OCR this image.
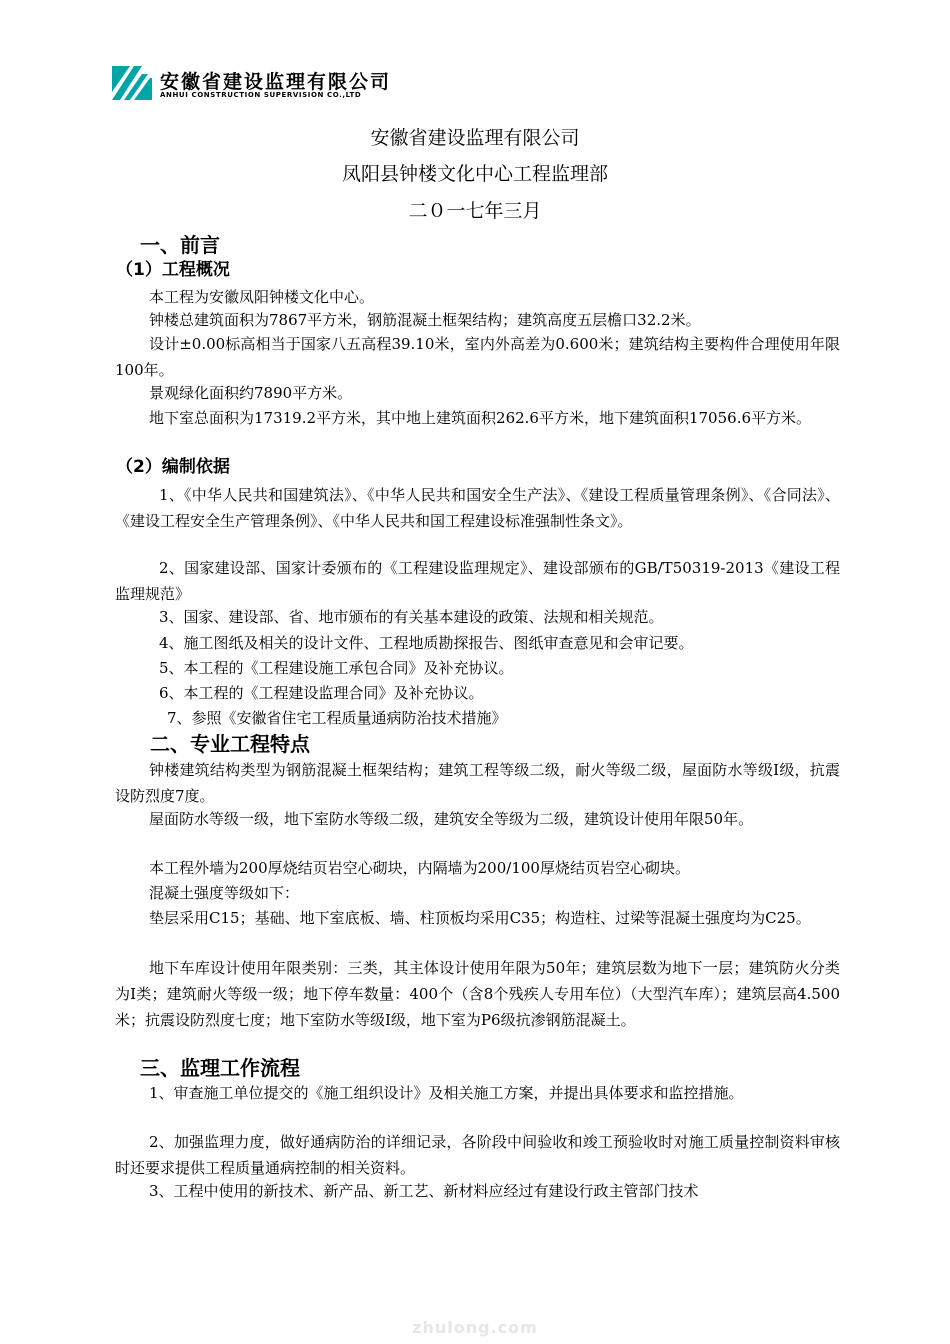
安徽省建设监理有限公司
ANHUI CONSTRUCTION SUPERVISION CO.,LTD
安徽省建设监理有限公司
凤阳县钟楼文化中心工程监理部
二０一七年三月
一、前言
（1）工程概况
本工程为安徽凤阳钟楼文化中心。
钟楼总建筑面积为7867平方米，钢筋混凝土框架结构；建筑高度五层檐口32.2米。
设计±0.00标高相当于国家八五高程39.10米，室内外高差为0.600米；建筑结构主要构件合理使用年限100年。
景观绿化面积约7890平方米。
地下室总面积为17319.2平方米，其中地上建筑面积262.6平方米，地下建筑面积17056.6平方米。
（2）编制依据
1、《中华人民共和国建筑法》、《中华人民共和国安全生产法》、《建设工程质量管理条例》、《合同法》、《建设工程安全生产管理条例》、《中华人民共和国工程建设标准强制性条文》。
2、国家建设部、国家计委颁布的《工程建设监理规定》、建设部颁布的GB/T50319-2013《建设工程监理规范》
3、国家、建设部、省、地市颁布的有关基本建设的政策、法规和相关规范。
4、施工图纸及相关的设计文件、工程地质勘探报告、图纸审查意见和会审记要。
5、本工程的《工程建设施工承包合同》及补充协议。
6、本工程的《工程建设监理合同》及补充协议。
7、参照《安徽省住宅工程质量通病防治技术措施》
二、专业工程特点
钟楼建筑结构类型为钢筋混凝土框架结构；建筑工程等级二级，耐火等级二级，屋面防水等级Ⅰ级，抗震设防烈度7度。
屋面防水等级一级，地下室防水等级二级，建筑安全等级为二级，建筑设计使用年限50年。
本工程外墙为200厚烧结页岩空心砌块，内隔墙为200/100厚烧结页岩空心砌块。
混凝土强度等级如下：
垫层采用C15；基础、地下室底板、墙、柱顶板均采用C35；构造柱、过梁等混凝土强度均为C25。
地下车库设计使用年限类别：三类，其主体设计使用年限为50年；建筑层数为地下一层；建筑防火分类为Ⅰ类；建筑耐火等级一级；地下停车数量：400个（含8个残疾人专用车位）（大型汽车库）；建筑层高4.500米；抗震设防烈度七度；地下室防水等级Ⅰ级，地下室为P6级抗渗钢筋混凝土。
三、监理工作流程
1、审查施工单位提交的《施工组织设计》及相关施工方案，并提出具体要求和监控措施。
2、加强监理力度，做好通病防治的详细记录，各阶段中间验收和竣工预验收时对施工质量控制资料审核时还要求提供工程质量通病控制的相关资料。
3、工程中使用的新技术、新产品、新工艺、新材料应经过有建设行政主管部门技术
zhulong.com
